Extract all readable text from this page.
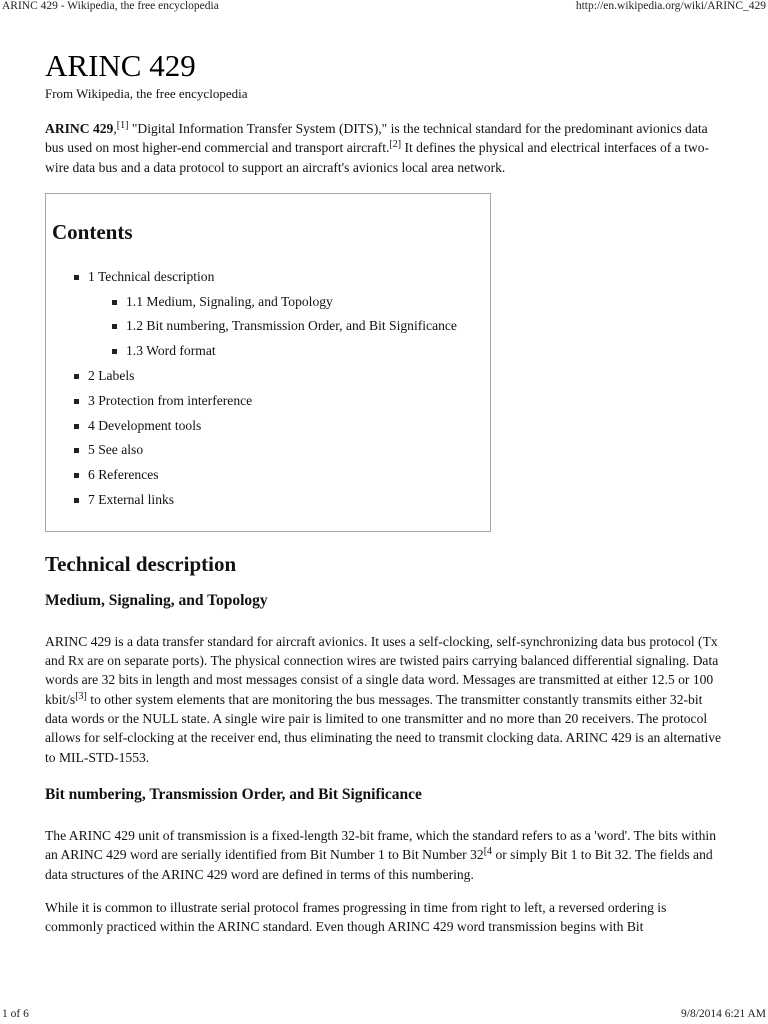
ARINC 429 - Wikipedia, the free encyclopedia	http://en.wikipedia.org/wiki/ARINC_429
ARINC 429
From Wikipedia, the free encyclopedia

ARINC 429,[1] "Digital Information Transfer System (DITS)," is the technical standard for the predominant avionics data bus used on most higher-end commercial and transport aircraft.[2] It defines the physical and electrical interfaces of a two-wire data bus and a data protocol to support an aircraft's avionics local area network.

Contents
1 Technical description
1.1 Medium, Signaling, and Topology
1.2 Bit numbering, Transmission Order, and Bit Significance
1.3 Word format
2 Labels
3 Protection from interference
4 Development tools
5 See also
6 References
7 External links
Technical description
Medium, Signaling, and Topology

ARINC 429 is a data transfer standard for aircraft avionics. It uses a self-clocking, self-synchronizing data bus protocol (Tx and Rx are on separate ports). The physical connection wires are twisted pairs carrying balanced differential signaling. Data words are 32 bits in length and most messages consist of a single data word. Messages are transmitted at either 12.5 or 100 kbit/s[3] to other system elements that are monitoring the bus messages. The transmitter constantly transmits either 32-bit data words or the NULL state. A single wire pair is limited to one transmitter and no more than 20 receivers. The protocol allows for self-clocking at the receiver end, thus eliminating the need to transmit clocking data. ARINC 429 is an alternative to MIL-STD-1553.

Bit numbering, Transmission Order, and Bit Significance

The ARINC 429 unit of transmission is a fixed-length 32-bit frame, which the standard refers to as a 'word'. The bits within an ARINC 429 word are serially identified from Bit Number 1 to Bit Number $32^{[4}$ or simply Bit 1 to Bit 32. The fields and data structures of the ARINC 429 word are defined in terms of this numbering.

While it is common to illustrate serial protocol frames progressing in time from right to left, a reversed ordering is commonly practiced within the ARINC standard. Even though ARINC 429 word transmission begins with Bit

1 of 6	9/8/2014 6:21 AM
